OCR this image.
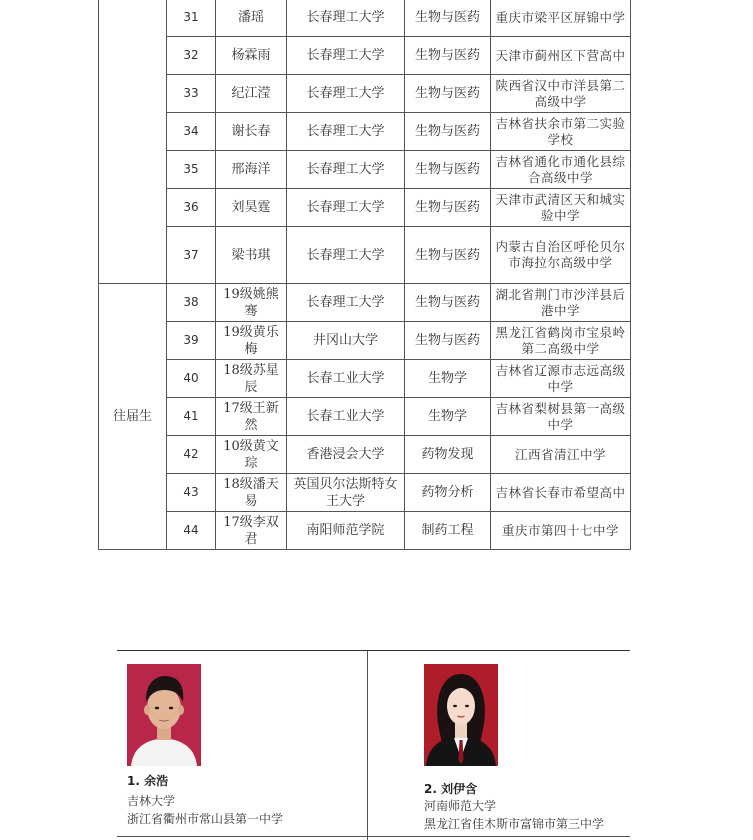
	31	潘瑶	长春理工大学	生物与医药	重庆市梁平区屏锦中学
	32	杨霖雨	长春理工大学	生物与医药	天津市蓟州区下营高中
	33	纪江滢	长春理工大学	生物与医药	陕西省汉中市洋县第二高级中学
	34	谢长春	长春理工大学	生物与医药	吉林省扶余市第二实验学校
	35	邢海洋	长春理工大学	生物与医药	吉林省通化市通化县综合高级中学
	36	刘昊霆	长春理工大学	生物与医药	天津市武清区天和城实验中学
	37	梁书琪	长春理工大学	生物与医药	内蒙古自治区呼伦贝尔市海拉尔高级中学
往届生	38	19级姚熊骞	长春理工大学	生物与医药	湖北省荆门市沙洋县后港中学
	39	19级黄乐梅	井冈山大学	生物与医药	黑龙江省鹤岗市宝泉岭第二高级中学
	40	18级苏星辰	长春工业大学	生物学	吉林省辽源市志远高级中学
	41	17级王新然	长春工业大学	生物学	吉林省梨树县第一高级中学
	42	10级黄文琮	香港浸会大学	药物发现	江西省清江中学
	43	18级潘天易	英国贝尔法斯特女王大学	药物分析	吉林省长春市希望高中
	44	17级李双君	南阳师范学院	制药工程	重庆市第四十七中学
1. 余浩
吉林大学
浙江省衢州市常山县第一中学
2. 刘伊含
河南师范大学
黑龙江省佳木斯市富锦市第三中学
